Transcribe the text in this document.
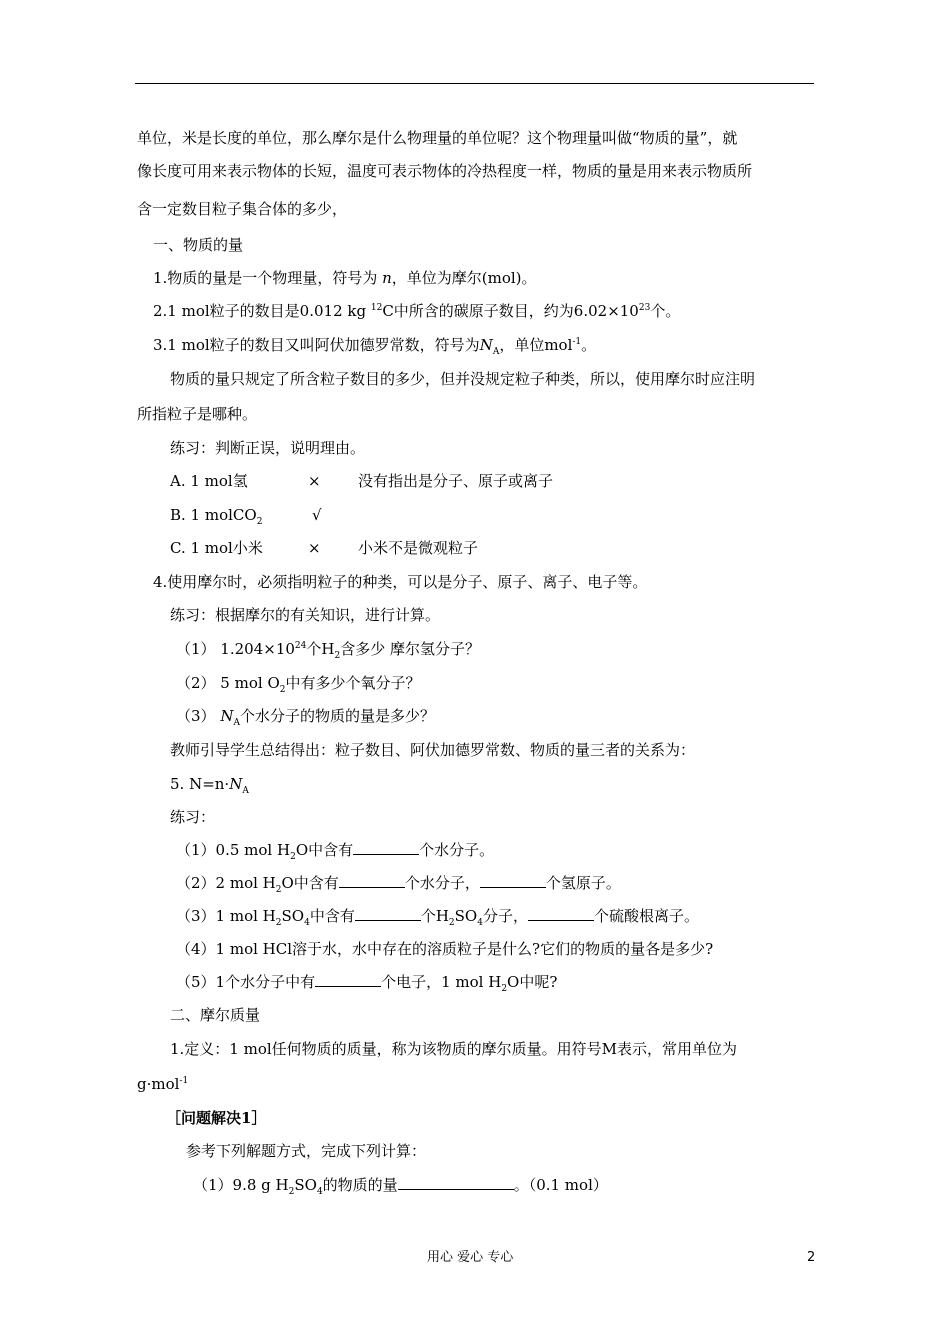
单位，米是长度的单位，那么摩尔是什么物理量的单位呢？这个物理量叫做“物质的量”，就
像长度可用来表示物体的长短，温度可表示物体的冷热程度一样，物质的量是用来表示物质所
含一定数目粒子集合体的多少，
一、物质的量
1.物质的量是一个物理量，符号为 n，单位为摩尔(mol)。
2.1 mol粒子的数目是0.012 kg $^{12}$C中所含的碳原子数目，约为$6.02\times 10^{23}$个。
3.1 mol粒子的数目又叫阿伏加德罗常数，符号为$N_A$，单位mol$^{-1}$。
物质的量只规定了所含粒子数目的多少，但并没规定粒子种类，所以，使用摩尔时应注明
所指粒子是哪种。
练习：判断正误，说明理由。
A. 1 mol氢	× 没有指出是分子、原子或离子
B. 1 molCO$_2$	√
C. 1 mol小米	× 小米不是微观粒子
4.使用摩尔时，必须指明粒子的种类，可以是分子、原子、离子、电子等。
练习：根据摩尔的有关知识，进行计算。
（1） $1.204\times 10^{24}$个$H_2$含多少 摩尔氢分子？
（2） 5 mol $O_2$中有多少个氧分子？
（3） $N_A$个水分子的物质的量是多少？
教师引导学生总结得出：粒子数目、阿伏加德罗常数、物质的量三者的关系为：
5. $N=n\cdot N_A$
练习：
（1）0.5 mol $H_2O$中含有	个水分子。
（2）2 mol $H_2O$中含有	个水分子，	个氢原子。
（3）1 mol $H_2SO_4$中含有	个$H_2SO_4$分子，	个硫酸根离子。
（4）1 mol HCl溶于水，水中存在的溶质粒子是什么?它们的物质的量各是多少?
（5）1个水分子中有	个电子，1 mol $H_2O$中呢?
二、摩尔质量
1.定义：1 mol任何物质的质量，称为该物质的摩尔质量。用符号M表示，常用单位为
g·mol$^{-1}$
［问题解决1］
参考下列解题方式，完成下列计算：
（1）9.8 g $H_2SO_4$的物质的量	。（0.1 mol）
用心 爱心 专心	2
